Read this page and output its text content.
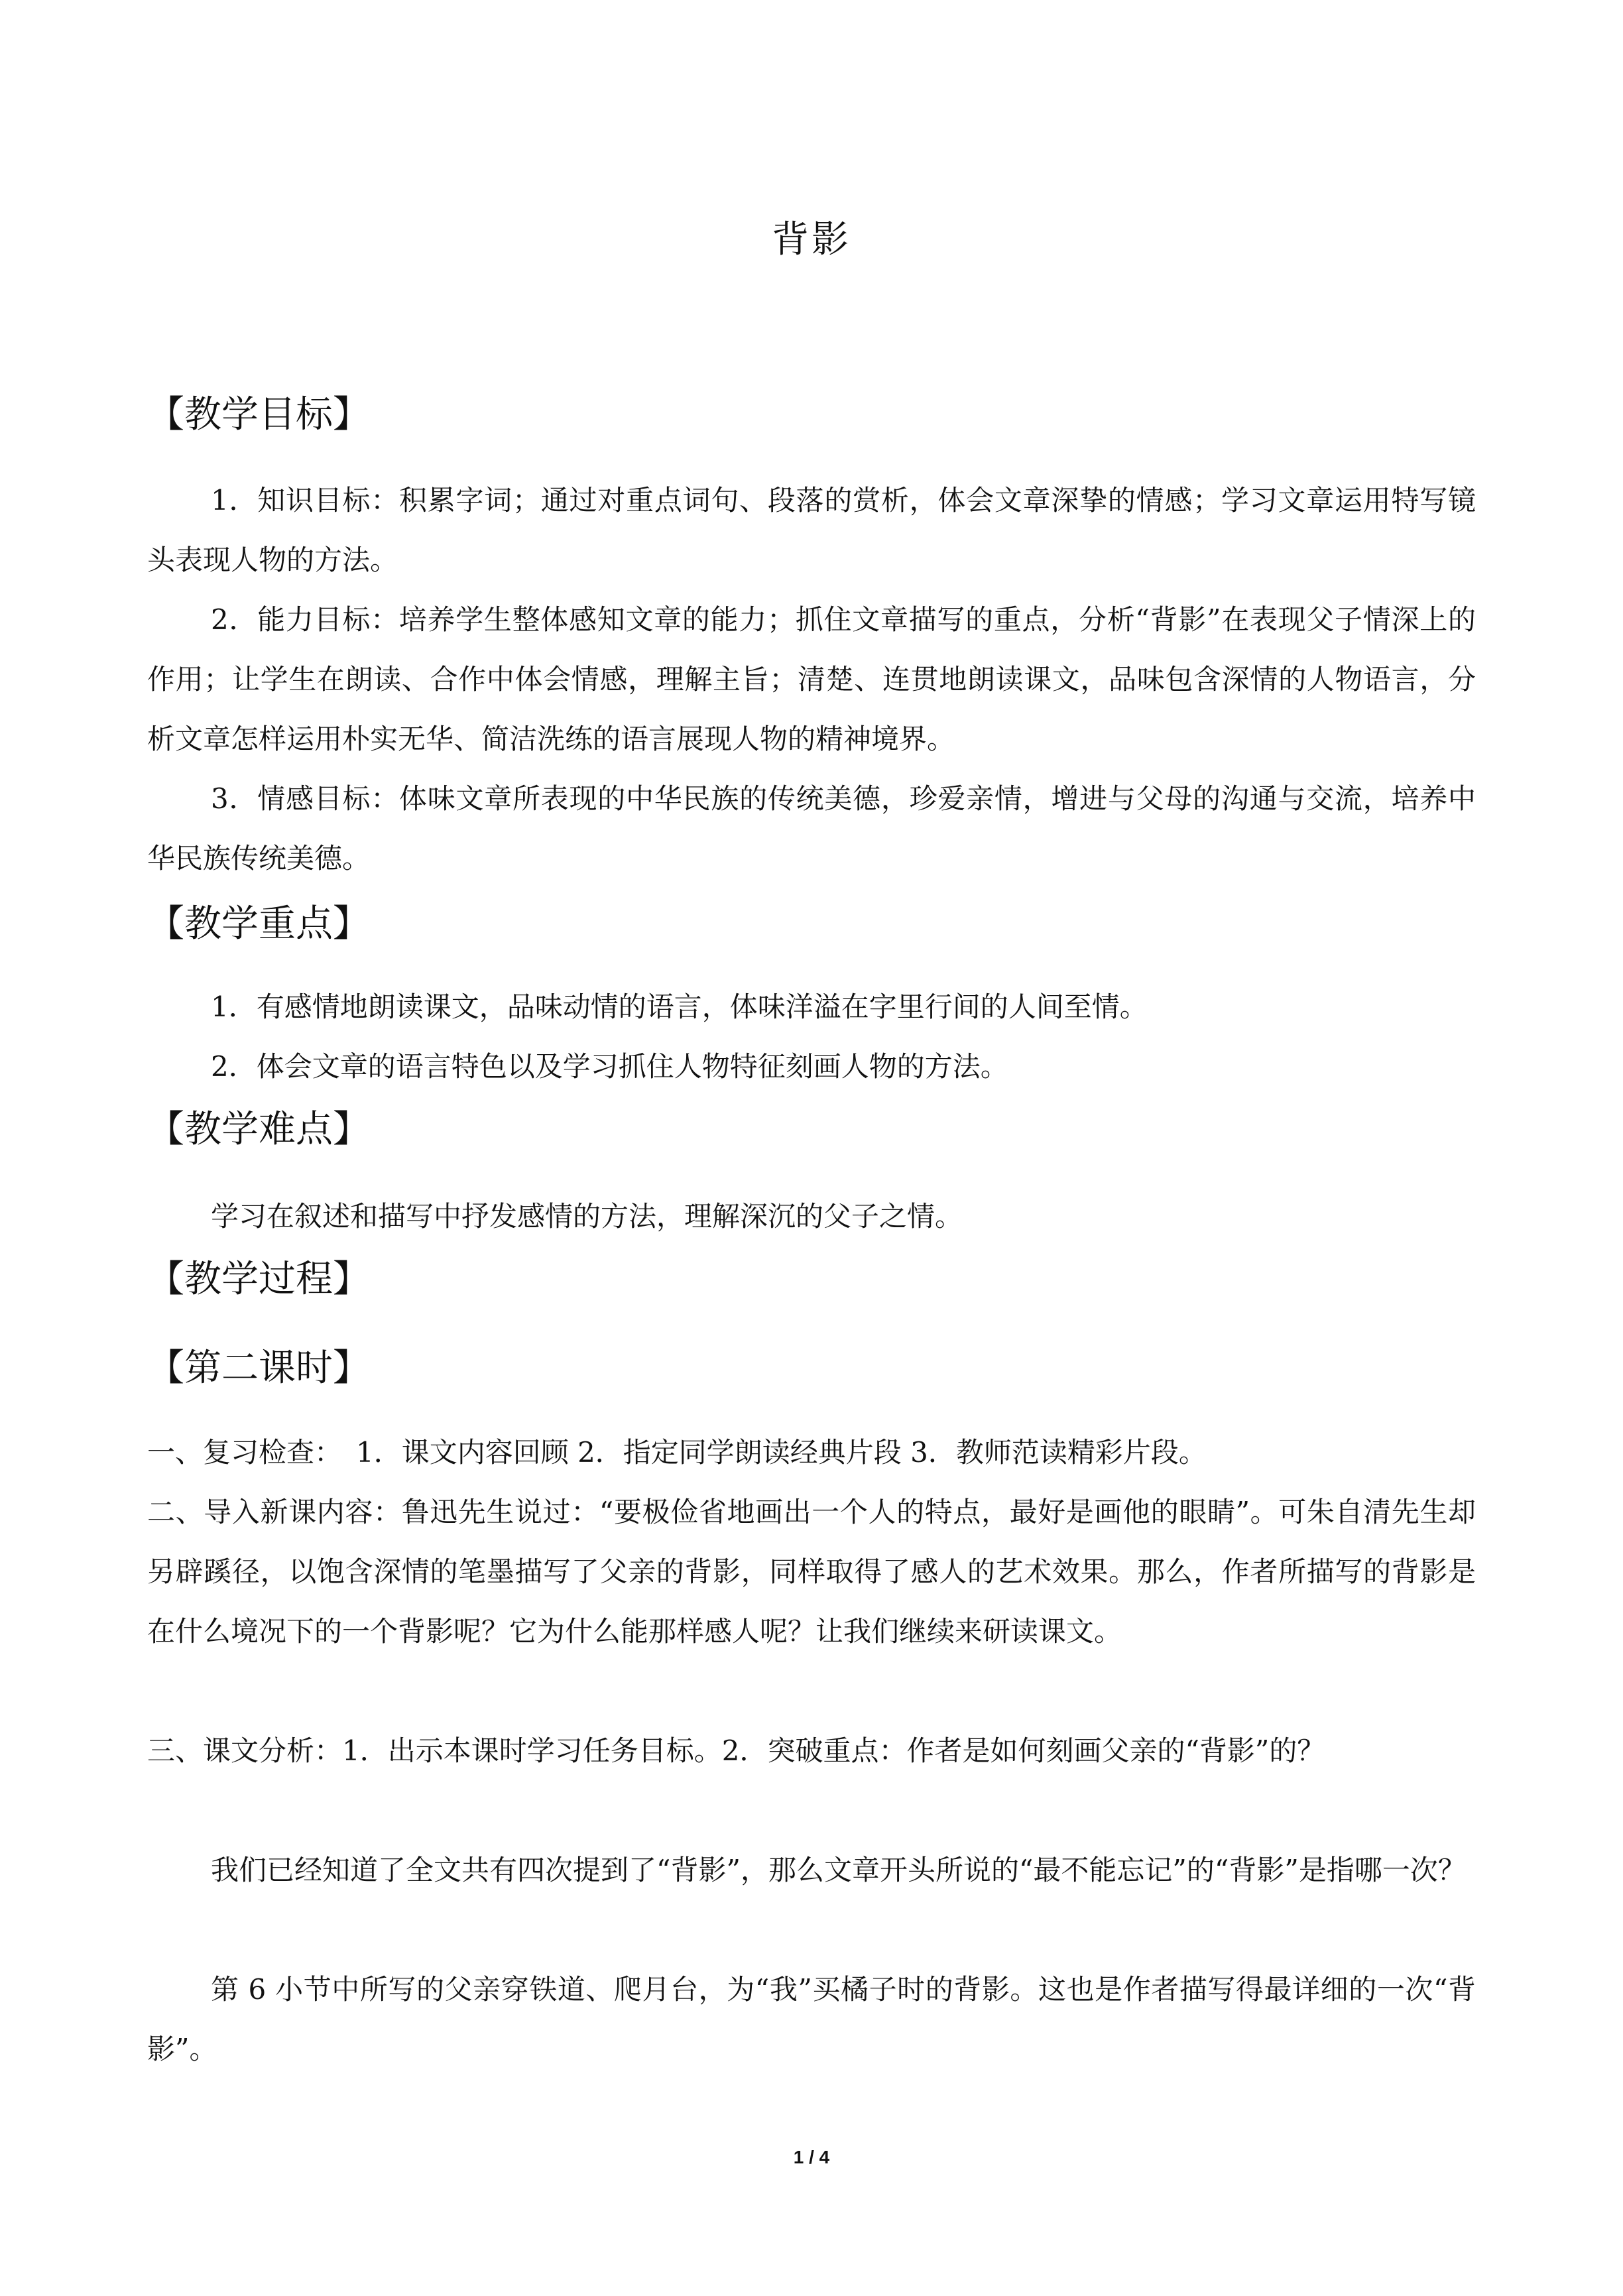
背影
【教学目标】
1．知识目标：积累字词；通过对重点词句、段落的赏析，体会文章深挚的情感；学习文章运用特写镜头表现人物的方法。
2．能力目标：培养学生整体感知文章的能力；抓住文章描写的重点，分析“背影”在表现父子情深上的作用；让学生在朗读、合作中体会情感，理解主旨；清楚、连贯地朗读课文，品味包含深情的人物语言，分析文章怎样运用朴实无华、简洁洗练的语言展现人物的精神境界。
3．情感目标：体味文章所表现的中华民族的传统美德，珍爱亲情，增进与父母的沟通与交流，培养中华民族传统美德。
【教学重点】
1．有感情地朗读课文，品味动情的语言，体味洋溢在字里行间的人间至情。
2．体会文章的语言特色以及学习抓住人物特征刻画人物的方法。
【教学难点】
学习在叙述和描写中抒发感情的方法，理解深沉的父子之情。
【教学过程】
【第二课时】
一、复习检查：　1．课文内容回顾 2．指定同学朗读经典片段 3．教师范读精彩片段。
二、导入新课内容：鲁迅先生说过：“要极俭省地画出一个人的特点，最好是画他的眼睛”。可朱自清先生却另辟蹊径，以饱含深情的笔墨描写了父亲的背影，同样取得了感人的艺术效果。那么，作者所描写的背影是在什么境况下的一个背影呢？它为什么能那样感人呢？让我们继续来研读课文。
三、课文分析：1．出示本课时学习任务目标。2．突破重点：作者是如何刻画父亲的“背影”的？
我们已经知道了全文共有四次提到了“背影”，那么文章开头所说的“最不能忘记”的“背影”是指哪一次？
第 6 小节中所写的父亲穿铁道、爬月台，为“我”买橘子时的背影。这也是作者描写得最详细的一次“背影”。
1 / 4
